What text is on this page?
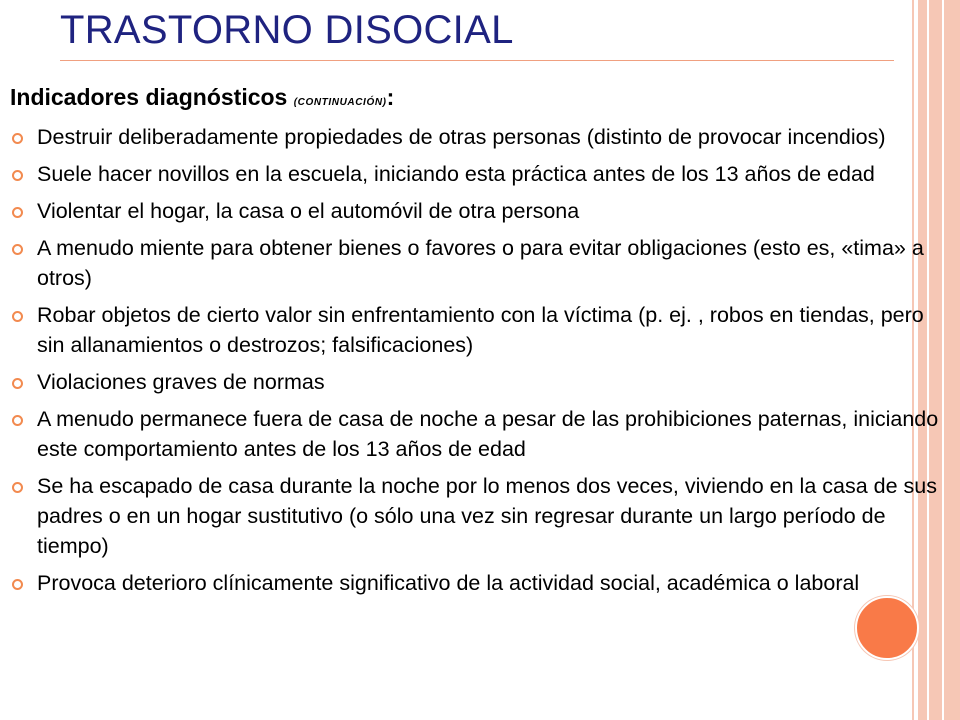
TRASTORNO DISOCIAL
Indicadores diagnósticos (CONTINUACIÓN):
Destruir deliberadamente propiedades de otras personas (distinto de provocar incendios)
Suele hacer novillos en la escuela, iniciando esta práctica antes de los 13 años de edad
Violentar el hogar, la casa o el automóvil de otra persona
A menudo miente para obtener bienes o favores o para evitar obligaciones (esto es, «tima» a otros)
Robar objetos de cierto valor sin enfrentamiento con la víctima (p. ej. , robos en tiendas, pero sin allanamientos o destrozos; falsificaciones)
Violaciones graves de normas
A menudo permanece fuera de casa de noche a pesar de las prohibiciones paternas, iniciando este comportamiento antes de los 13 años de edad
Se ha escapado de casa durante la noche por lo menos dos veces, viviendo en la casa de sus padres o en un hogar sustitutivo (o sólo una vez sin regresar durante un largo período de tiempo)
Provoca deterioro clínicamente significativo de la actividad social, académica o laboral
